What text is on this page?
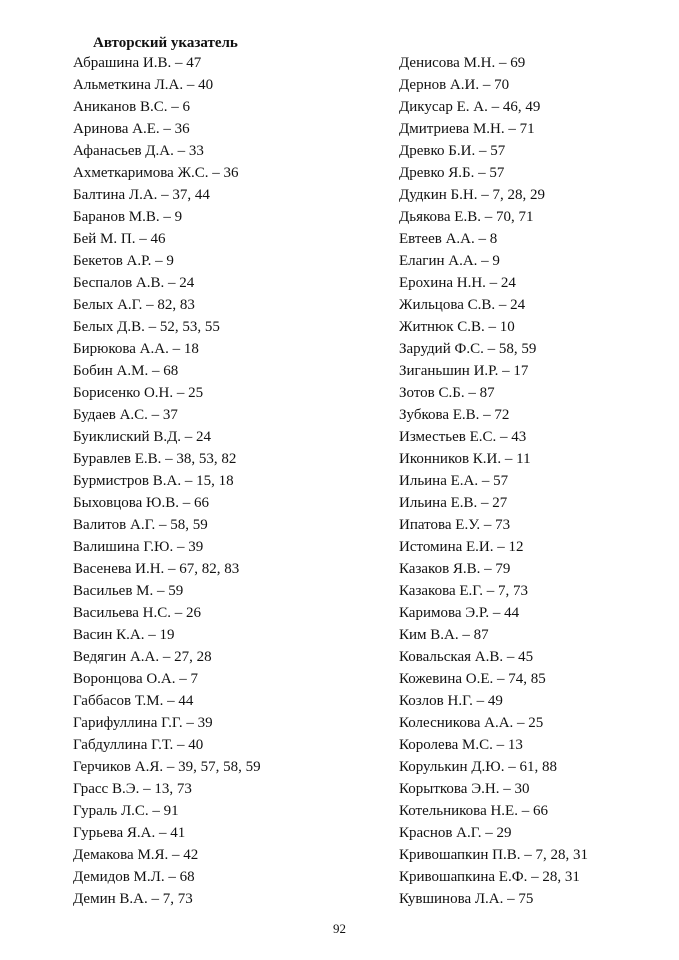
Авторский указатель
Абрашина И.В. – 47
Альметкина Л.А. – 40
Аниканов В.С. – 6
Аринова А.Е. – 36
Афанасьев Д.А. – 33
Ахметкаримова Ж.С. – 36
Балтина Л.А. – 37, 44
Баранов М.В. – 9
Бей М. П. – 46
Бекетов А.Р. – 9
Беспалов А.В. – 24
Белых А.Г. – 82, 83
Белых Д.В. – 52, 53, 55
Бирюкова А.А. – 18
Бобин А.М. – 68
Борисенко О.Н. – 25
Будаев А.С. – 37
Буиклиский В.Д. – 24
Буравлев Е.В. – 38, 53, 82
Бурмистров В.А. – 15, 18
Быховцова Ю.В. – 66
Валитов А.Г. – 58, 59
Валишина Г.Ю. – 39
Васенева И.Н. – 67, 82, 83
Васильев М. – 59
Васильева Н.С. – 26
Васин К.А. – 19
Ведягин А.А. – 27, 28
Воронцова О.А. – 7
Габбасов Т.М. – 44
Гарифуллина Г.Г. – 39
Габдуллина Г.Т. – 40
Герчиков А.Я. – 39, 57, 58, 59
Грасс В.Э. – 13, 73
Гураль Л.С. – 91
Гурьева Я.А. – 41
Демакова М.Я. – 42
Демидов М.Л. – 68
Демин В.А. – 7, 73
Денисова М.Н. – 69
Дернов А.И. – 70
Дикусар Е. А. – 46, 49
Дмитриева М.Н. – 71
Древко Б.И. – 57
Древко Я.Б. – 57
Дудкин Б.Н. – 7, 28, 29
Дьякова Е.В. – 70, 71
Евтеев А.А. – 8
Елагин А.А. – 9
Ерохина Н.Н. – 24
Жильцова С.В. – 24
Житнюк С.В. – 10
Зарудий Ф.С. – 58, 59
Зиганьшин И.Р. – 17
Зотов С.Б. – 87
Зубкова Е.В. – 72
Изместьев Е.С. – 43
Иконников К.И. – 11
Ильина Е.А. – 57
Ильина Е.В. – 27
Ипатова Е.У. – 73
Истомина Е.И. – 12
Казаков Я.В. – 79
Казакова Е.Г. – 7, 73
Каримова Э.Р. – 44
Ким В.А. – 87
Ковальская А.В. – 45
Кожевина О.Е. – 74, 85
Козлов Н.Г. – 49
Колесникова А.А. – 25
Королева М.С. – 13
Корулькин Д.Ю. – 61, 88
Корыткова Э.Н. – 30
Котельникова Н.Е. – 66
Краснов А.Г. – 29
Кривошапкин П.В. – 7, 28, 31
Кривошапкина Е.Ф. – 28, 31
Кувшинова Л.А. – 75
92
